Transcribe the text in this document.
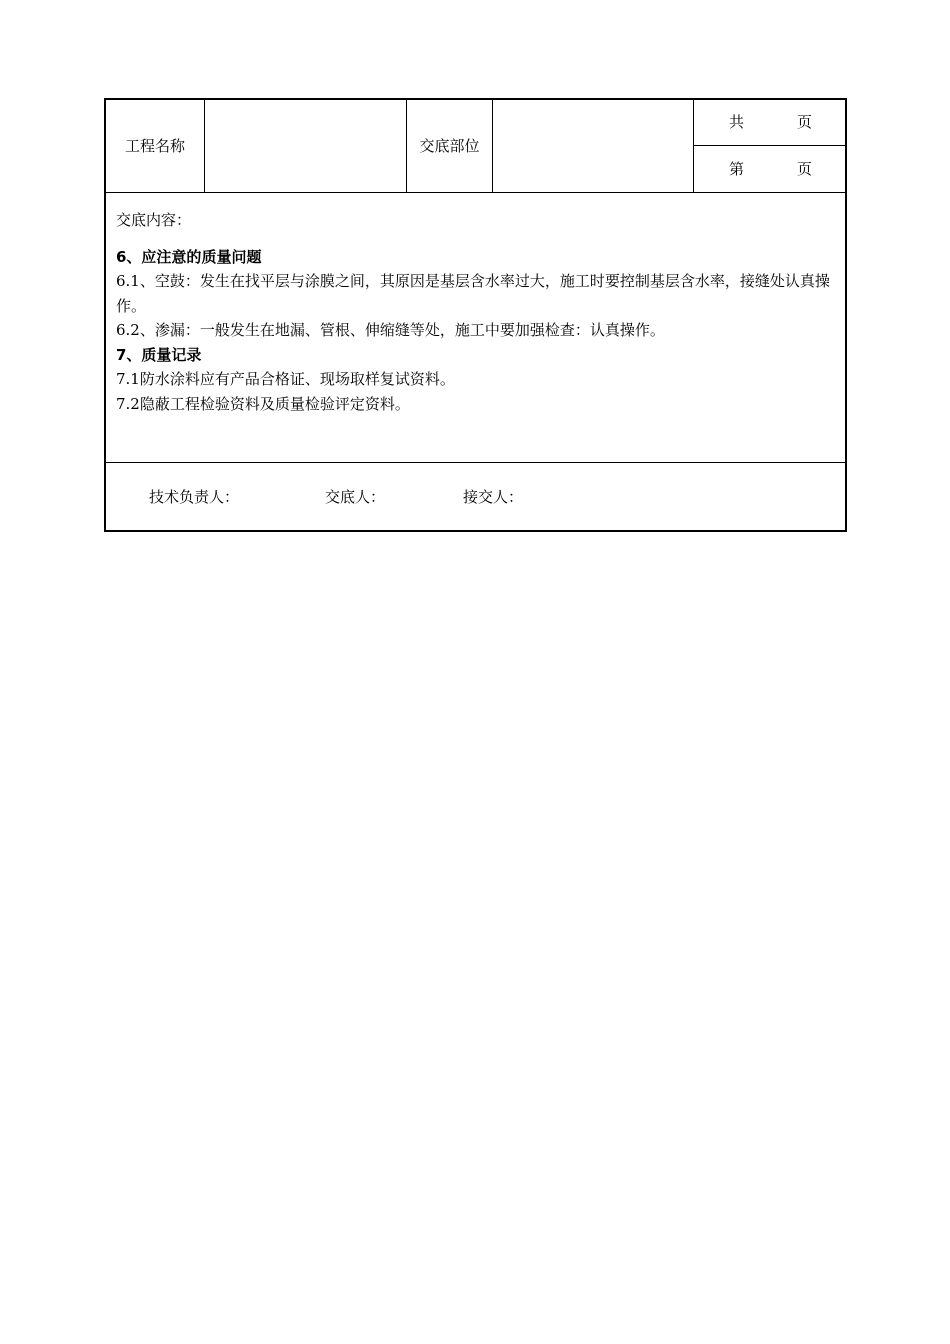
工程名称	交底部位
共	页
第	页

交底内容：

6、应注意的质量问题

6.1、空鼓：发生在找平层与涂膜之间，其原因是基层含水率过大，施工时要控制基层含水率，接缝处认真操作。

6.2、渗漏：一般发生在地漏、管根、伸缩缝等处，施工中要加强检查：认真操作。

7、质量记录

7.1防水涂料应有产品合格证、现场取样复试资料。

7.2隐蔽工程检验资料及质量检验评定资料。

技术负责人：	交底人：	接交人：
